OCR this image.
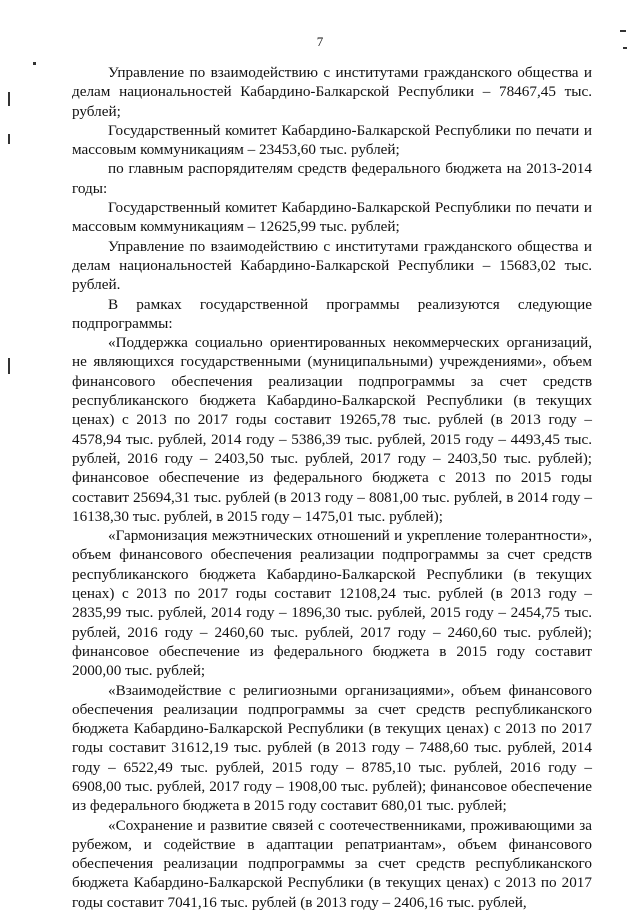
7

Управление по взаимодействию с институтами гражданского общества и делам национальностей Кабардино-Балкарской Республики – 78467,45 тыс. рублей;

Государственный комитет Кабардино-Балкарской Республики по печати и массовым коммуникациям – 23453,60 тыс. рублей;

по главным распорядителям средств федерального бюджета на 2013-2014 годы:

Государственный комитет Кабардино-Балкарской Республики по печати и массовым коммуникациям – 12625,99 тыс. рублей;

Управление по взаимодействию с институтами гражданского общества и делам национальностей Кабардино-Балкарской Республики – 15683,02 тыс. рублей.

В рамках государственной программы реализуются следующие подпрограммы:

«Поддержка социально ориентированных некоммерческих организаций, не являющихся государственными (муниципальными) учреждениями», объем финансового обеспечения реализации подпрограммы за счет средств республиканского бюджета Кабардино-Балкарской Республики (в текущих ценах) с 2013 по 2017 годы составит 19265,78 тыс. рублей (в 2013 году – 4578,94 тыс. рублей, 2014 году – 5386,39 тыс. рублей, 2015 году – 4493,45 тыс. рублей, 2016 году – 2403,50 тыс. рублей, 2017 году – 2403,50 тыс. рублей); финансовое обеспечение из федерального бюджета с 2013 по 2015 годы составит 25694,31 тыс. рублей (в 2013 году – 8081,00 тыс. рублей, в 2014 году – 16138,30 тыс. рублей, в 2015 году – 1475,01 тыс. рублей);

«Гармонизация межэтнических отношений и укрепление толерантности», объем финансового обеспечения реализации подпрограммы за счет средств республиканского бюджета Кабардино-Балкарской Республики (в текущих ценах) с 2013 по 2017 годы составит 12108,24 тыс. рублей (в 2013 году – 2835,99 тыс. рублей, 2014 году – 1896,30 тыс. рублей, 2015 году – 2454,75 тыс. рублей, 2016 году – 2460,60 тыс. рублей, 2017 году – 2460,60 тыс. рублей); финансовое обеспечение из федерального бюджета в 2015 году составит 2000,00 тыс. рублей;

«Взаимодействие с религиозными организациями», объем финансового обеспечения реализации подпрограммы за счет средств республиканского бюджета Кабардино-Балкарской Республики (в текущих ценах) с 2013 по 2017 годы составит 31612,19 тыс. рублей (в 2013 году – 7488,60 тыс. рублей, 2014 году – 6522,49 тыс. рублей, 2015 году – 8785,10 тыс. рублей, 2016 году – 6908,00 тыс. рублей, 2017 году – 1908,00 тыс. рублей); финансовое обеспечение из федерального бюджета в 2015 году составит 680,01 тыс. рублей;

«Сохранение и развитие связей с соотечественниками, проживающими за рубежом, и содействие в адаптации репатриантам», объем финансового обеспечения реализации подпрограммы за счет средств республиканского бюджета Кабардино-Балкарской Республики (в текущих ценах) с 2013 по 2017 годы составит 7041,16 тыс. рублей (в 2013 году – 2406,16 тыс. рублей,
